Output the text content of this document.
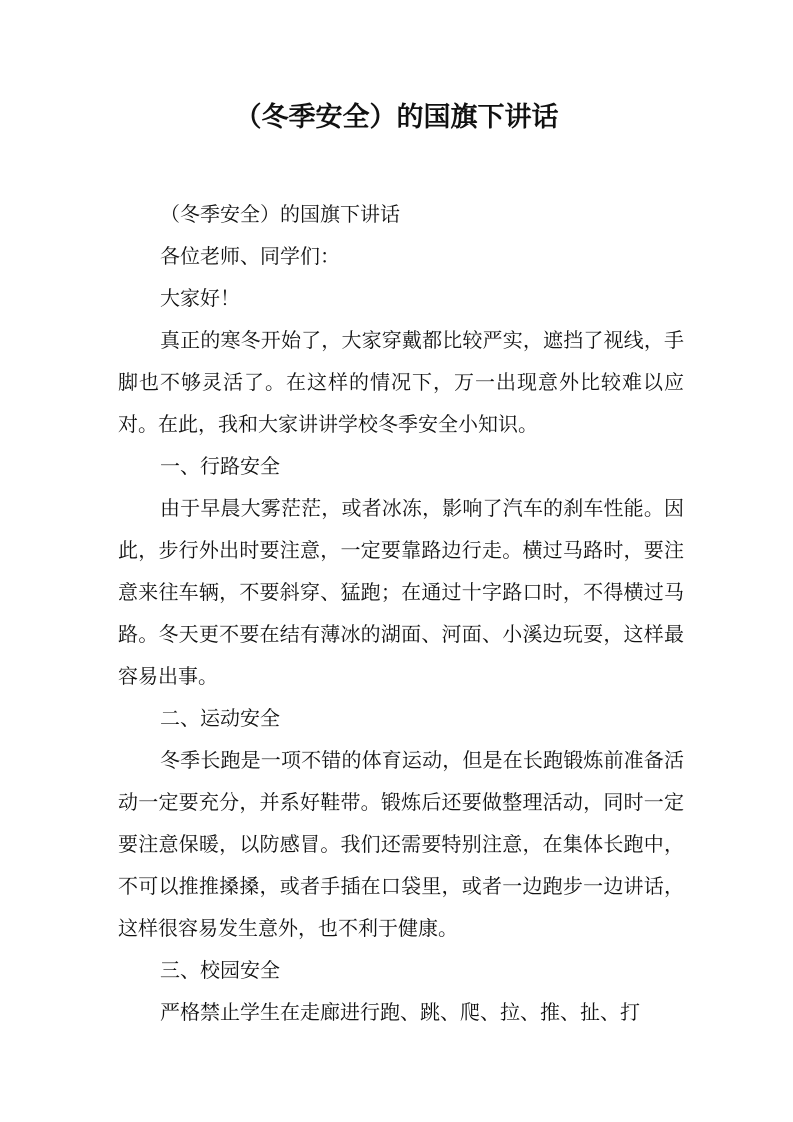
（冬季安全）的国旗下讲话

（冬季安全）的国旗下讲话

各位老师、同学们：

大家好！

真正的寒冬开始了，大家穿戴都比较严实，遮挡了视线，手脚也不够灵活了。在这样的情况下，万一出现意外比较难以应对。在此，我和大家讲讲学校冬季安全小知识。

一、行路安全

由于早晨大雾茫茫，或者冰冻，影响了汽车的刹车性能。因此，步行外出时要注意，一定要靠路边行走。横过马路时，要注意来往车辆，不要斜穿、猛跑；在通过十字路口时，不得横过马路。冬天更不要在结有薄冰的湖面、河面、小溪边玩耍，这样最容易出事。

二、运动安全

冬季长跑是一项不错的体育运动，但是在长跑锻炼前准备活动一定要充分，并系好鞋带。锻炼后还要做整理活动，同时一定要注意保暖，以防感冒。我们还需要特别注意，在集体长跑中，不可以推推搡搡，或者手插在口袋里，或者一边跑步一边讲话，这样很容易发生意外，也不利于健康。

三、校园安全

严格禁止学生在走廊进行跑、跳、爬、拉、推、扯、打
